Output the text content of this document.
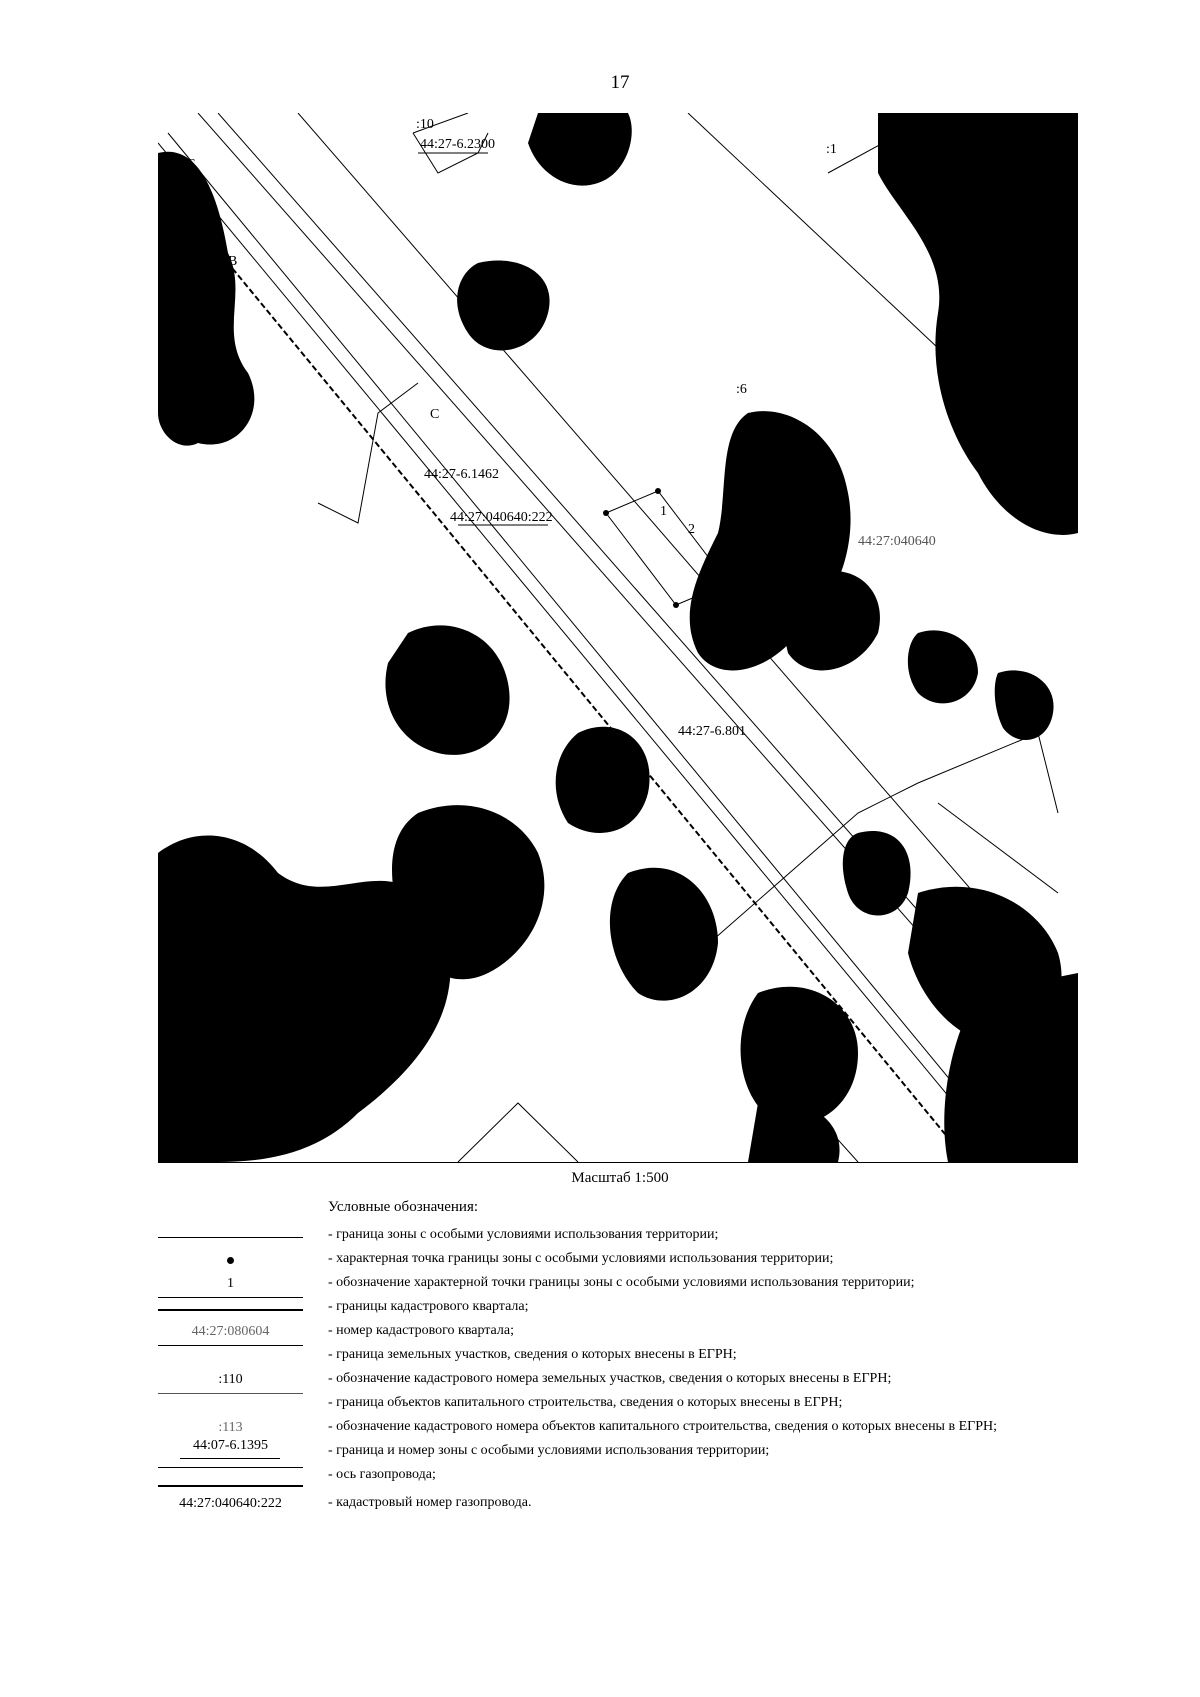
17
:10
44:27-6.2300	:1
:6
44:27-6.1462
44:27:040640:222	1
2
44:27:040640
:8
44:27-6.801
C
C
B
3
Масштаб 1:500
Условные обозначения:
- граница зоны с особыми условиями использования территории;
- характерная точка границы зоны с особыми условиями использования территории;
1	- обозначение характерной точки границы зоны с особыми условиями использования территории;
- границы кадастрового квартала;
44:27:080604	- номер кадастрового квартала;
- граница земельных участков, сведения о которых внесены в ЕГРН;
:110	- обозначение кадастрового номера земельных участков, сведения о которых внесены в ЕГРН;
- граница объектов капитального строительства, сведения о которых внесены в ЕГРН;
:113	- обозначение кадастрового номера объектов капитального строительства, сведения о которых внесены в ЕГРН;
44:07-6.1395	- граница и номер зоны с особыми условиями использования территории;
- ось газопровода;
44:27:040640:222	- кадастровый номер газопровода.
